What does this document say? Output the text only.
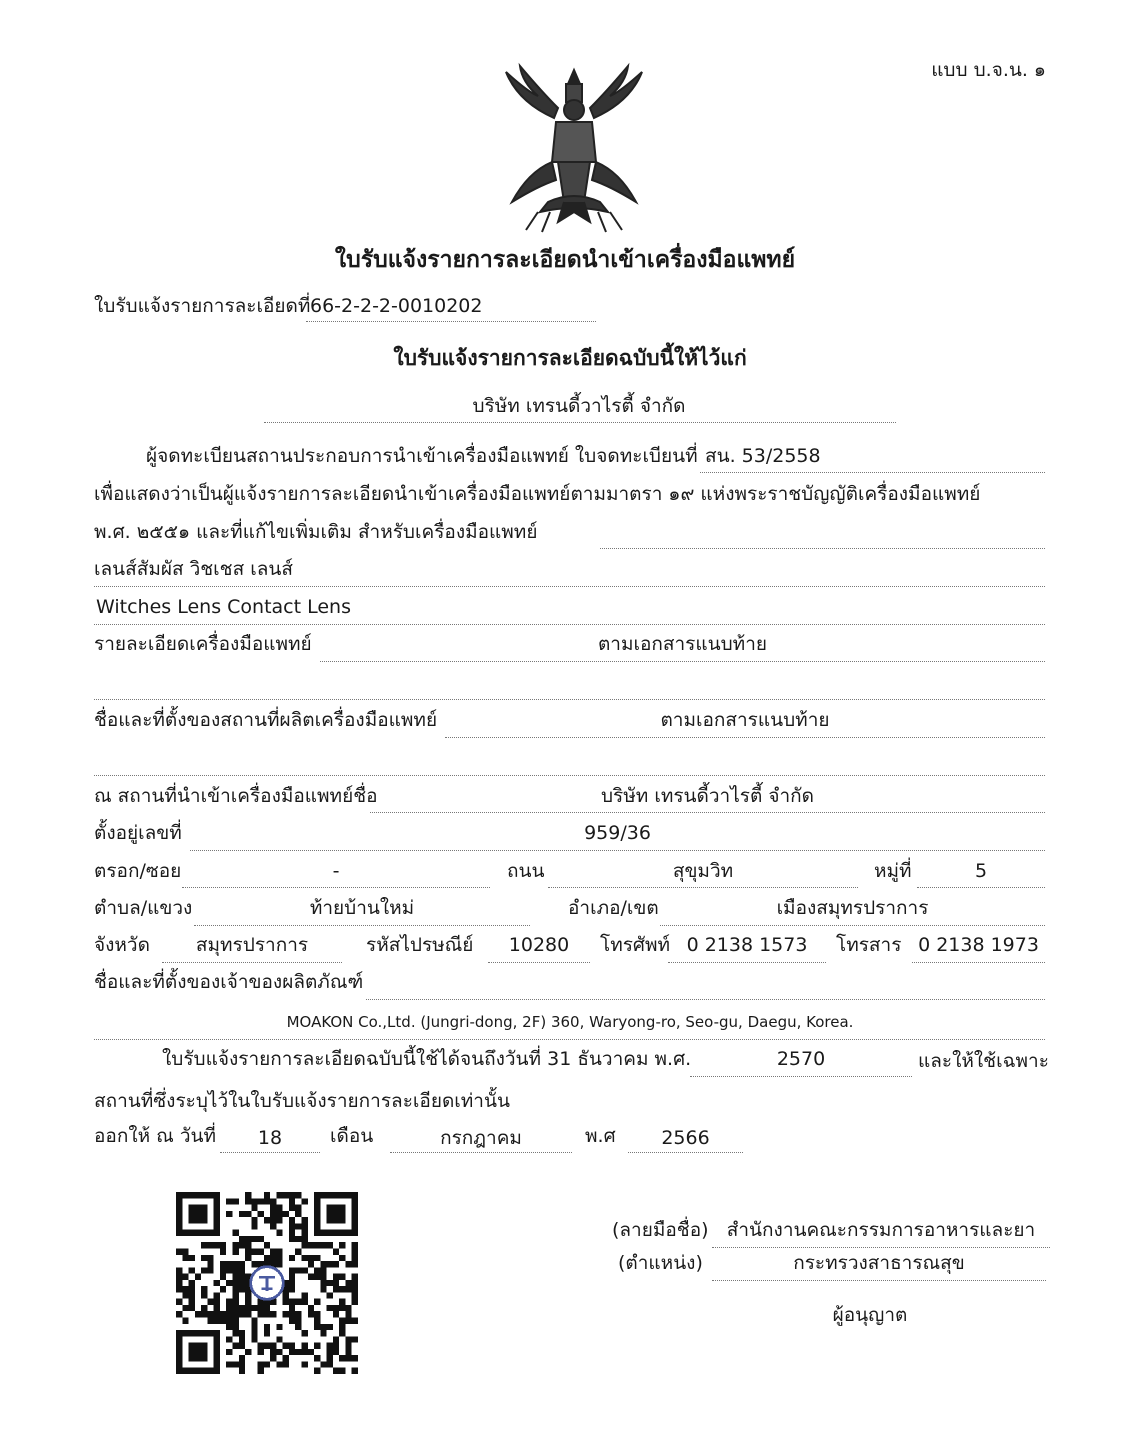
แบบ บ.จ.น. ๑
ใบรับแจ้งรายการละเอียดนำเข้าเครื่องมือแพทย์
ใบรับแจ้งรายการละเอียดที่ 66-2-2-2-0010202
ใบรับแจ้งรายการละเอียดฉบับนี้ให้ไว้แก่
บริษัท เทรนดี้วาไรตี้ จำกัด
ผู้จดทะเบียนสถานประกอบการนำเข้าเครื่องมือแพทย์ ใบจดทะเบียนที่ สน. 53/2558
เพื่อแสดงว่าเป็นผู้แจ้งรายการละเอียดนำเข้าเครื่องมือแพทย์ตามมาตรา ๑๙ แห่งพระราชบัญญัติเครื่องมือแพทย์
พ.ศ. ๒๕๕๑ และที่แก้ไขเพิ่มเติม สำหรับเครื่องมือแพทย์
เลนส์สัมผัส วิชเชส เลนส์
Witches Lens Contact Lens
รายละเอียดเครื่องมือแพทย์	ตามเอกสารแนบท้าย
ชื่อและที่ตั้งของสถานที่ผลิตเครื่องมือแพทย์	ตามเอกสารแนบท้าย
ณ สถานที่นำเข้าเครื่องมือแพทย์ชื่อ	บริษัท เทรนดี้วาไรตี้ จำกัด
ตั้งอยู่เลขที่	959/36
ตรอก/ซอย	-	ถนน	สุขุมวิท	หมู่ที่	5
ตำบล/แขวง	ท้ายบ้านใหม่	อำเภอ/เขต	เมืองสมุทรปราการ
จังหวัด	สมุทรปราการ	รหัสไปรษณีย์	10280	โทรศัพท์ 0 2138 1573	โทรสาร 0 2138 1973
ชื่อและที่ตั้งของเจ้าของผลิตภัณฑ์
MOAKON Co.,Ltd. (Jungri-dong, 2F) 360, Waryong-ro, Seo-gu, Daegu, Korea.
ใบรับแจ้งรายการละเอียดฉบับนี้ใช้ได้จนถึงวันที่ 31 ธันวาคม พ.ศ.	2570	และให้ใช้เฉพาะ
สถานที่ซึ่งระบุไว้ในใบรับแจ้งรายการละเอียดเท่านั้น
ออกให้ ณ วันที่	18	เดือน	กรกฎาคม	พ.ศ	2566
(ลายมือชื่อ) สำนักงานคณะกรรมการอาหารและยา
(ตำแหน่ง)	กระทรวงสาธารณสุข
ผู้อนุญาต
